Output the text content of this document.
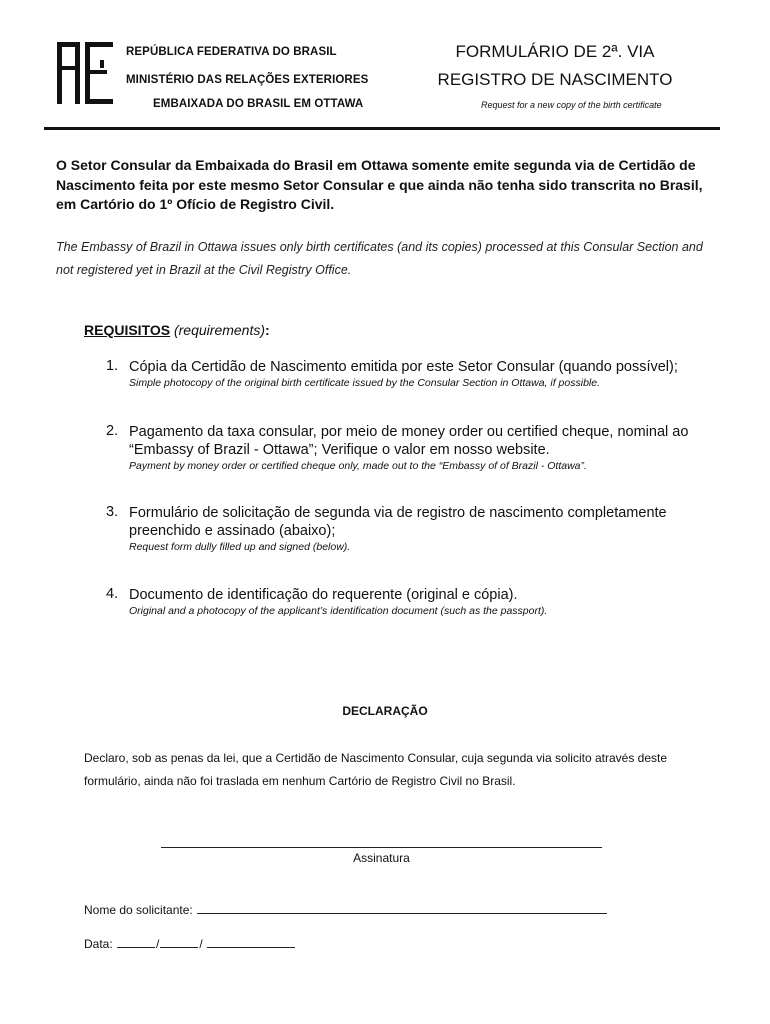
REPÚBLICA FEDERATIVA DO BRASIL
MINISTÉRIO DAS RELAÇÕES EXTERIORES
EMBAIXADA DO BRASIL EM OTTAWA
FORMULÁRIO DE 2ª. VIA
REGISTRO DE NASCIMENTO
Request for a new copy of the birth certificate
O Setor Consular da Embaixada do Brasil em Ottawa somente emite segunda via de Certidão de Nascimento feita por este mesmo Setor Consular e que ainda não tenha sido transcrita no Brasil, em Cartório do 1º Ofício de Registro Civil.
The Embassy of Brazil in Ottawa issues only birth certificates (and its copies) processed at this Consular Section and not registered yet in Brazil at the Civil Registry Office.
REQUISITOS (requirements):
1. Cópia da Certidão de Nascimento emitida por este Setor Consular (quando possível);
Simple photocopy of the original birth certificate issued by the Consular Section in Ottawa, if possible.
2. Pagamento da taxa consular, por meio de money order ou certified cheque, nominal ao “Embassy of Brazil - Ottawa”; Verifique o valor em nosso website.
Payment by money order or certified cheque only, made out to the “Embassy of of Brazil - Ottawa”.
3. Formulário de solicitação de segunda via de registro de nascimento completamente preenchido e assinado (abaixo);
Request form dully filled up and signed (below).
4. Documento de identificação do requerente (original e cópia).
Original and a photocopy of the applicant’s identification document (such as the passport).
DECLARAÇÃO
Declaro, sob as penas da lei, que a Certidão de Nascimento Consular, cuja segunda via solicito através deste formulário, ainda não foi traslada em nenhum Cartório de Registro Civil no Brasil.
Assinatura
Nome do solicitante:
Data:	/	/
